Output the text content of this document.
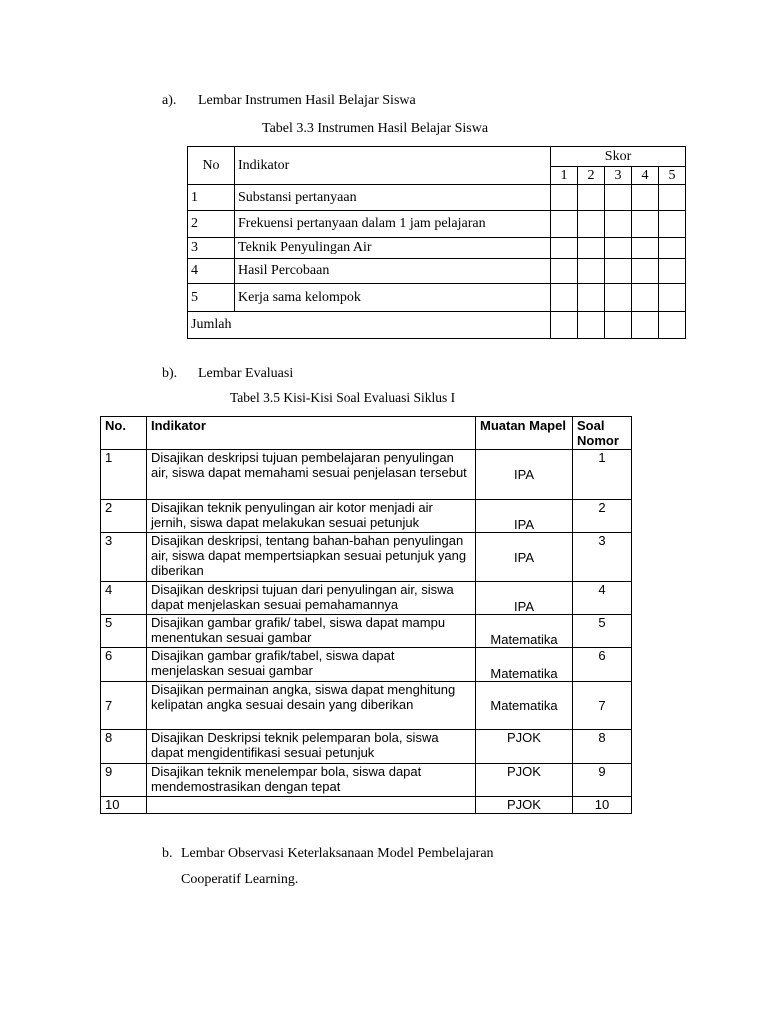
a). Lembar Instrumen Hasil Belajar Siswa
Tabel 3.3 Instrumen Hasil Belajar Siswa
No	Indikator	Skor				
		1	2	3	4	5
1	Substansi pertanyaan					
2	Frekuensi pertanyaan dalam 1 jam pelajaran					
3	Teknik Penyulingan Air					
4	Hasil Percobaan					
5	Kerja sama kelompok					
Jumlah						
b). Lembar Evaluasi
Tabel 3.5 Kisi-Kisi Soal Evaluasi Siklus I
No.	Indikator	Muatan Mapel	Soal Nomor
1	Disajikan deskripsi tujuan pembelajaran penyulingan air, siswa dapat memahami sesuai penjelasan tersebut	IPA	1
2	Disajikan teknik penyulingan air kotor menjadi air jernih, siswa dapat melakukan sesuai petunjuk	IPA	2
3	Disajikan deskripsi, tentang bahan-bahan penyulingan air, siswa dapat mempertsiapkan sesuai petunjuk yang diberikan	IPA	3
4	Disajikan deskripsi tujuan dari penyulingan air, siswa dapat menjelaskan sesuai pemahamannya	IPA	4
5	Disajikan gambar grafik/ tabel, siswa dapat mampu menentukan sesuai gambar	Matematika	5
6	Disajikan gambar grafik/tabel, siswa dapat menjelaskan sesuai gambar	Matematika	6
7	Disajikan permainan angka, siswa dapat menghitung kelipatan angka sesuai desain yang diberikan	Matematika	7
8	Disajikan Deskripsi teknik pelemparan bola, siswa dapat mengidentifikasi sesuai petunjuk	PJOK	8
9	Disajikan teknik menelempar bola, siswa dapat mendemostrasikan dengan tepat	PJOK	9
10		PJOK	10
b. Lembar Observasi Keterlaksanaan Model Pembelajaran
Cooperatif Learning.
